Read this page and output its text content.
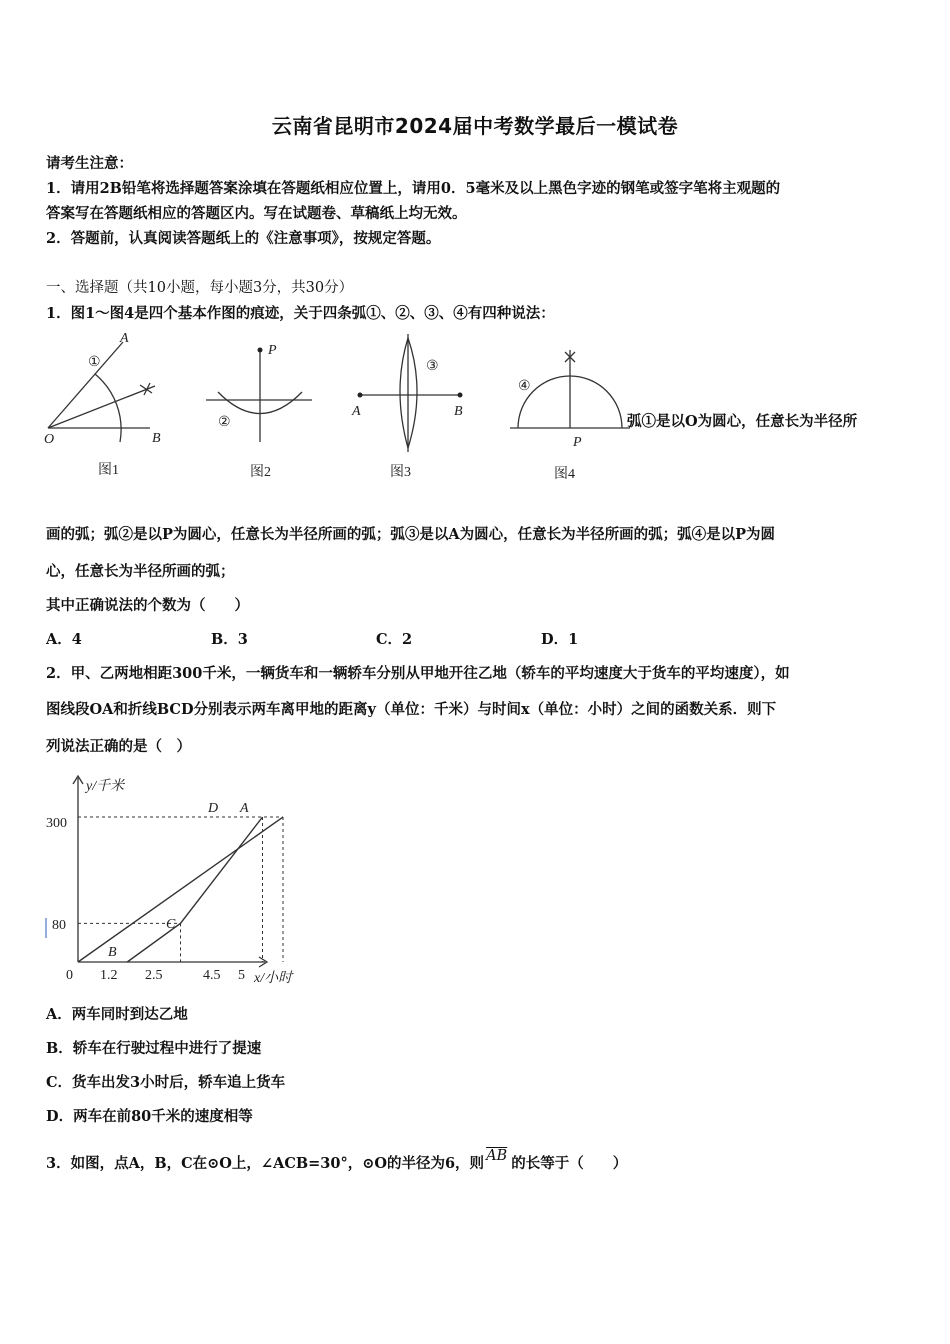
云南省昆明市2024届中考数学最后一模试卷
请考生注意：
1．请用2B铅笔将选择题答案涂填在答题纸相应位置上，请用0．5毫米及以上黑色字迹的钢笔或签字笔将主观题的
答案写在答题纸相应的答题区内。写在试题卷、草稿纸上均无效。
2．答题前，认真阅读答题纸上的《注意事项》，按规定答题。
一、选择题（共10小题，每小题3分，共30分）
1．图1～图4是四个基本作图的痕迹，关于四条弧①、②、③、④有四种说法：
A
O	B
①
图1
P
②
图2
A	B
③
图3
P
④
图4
弧①是以O为圆心，任意长为半径所
画的弧；弧②是以P为圆心，任意长为半径所画的弧；弧③是以A为圆心，任意长为半径所画的弧；弧④是以P为圆
心，任意长为半径所画的弧；
其中正确说法的个数为（　　）
A．4	B．3	C．2	D．1
2．甲、乙两地相距300千米，一辆货车和一辆轿车分别从甲地开往乙地（轿车的平均速度大于货车的平均速度），如
图线段OA和折线BCD分别表示两车离甲地的距离y（单位：千米）与时间x（单位：小时）之间的函数关系．则下
列说法正确的是（　）
y/千米
x/小时
300
80
0 1.2 2.5	4.5 5
D A
C
B
A．两车同时到达乙地
B．轿车在行驶过程中进行了提速
C．货车出发3小时后，轿车追上货车
D．两车在前80千米的速度相等
3．如图，点A，B，C在⊙O上，∠ACB=30°，⊙O的半径为6，则 $\overline{AB}$ 的长等于（　　）
